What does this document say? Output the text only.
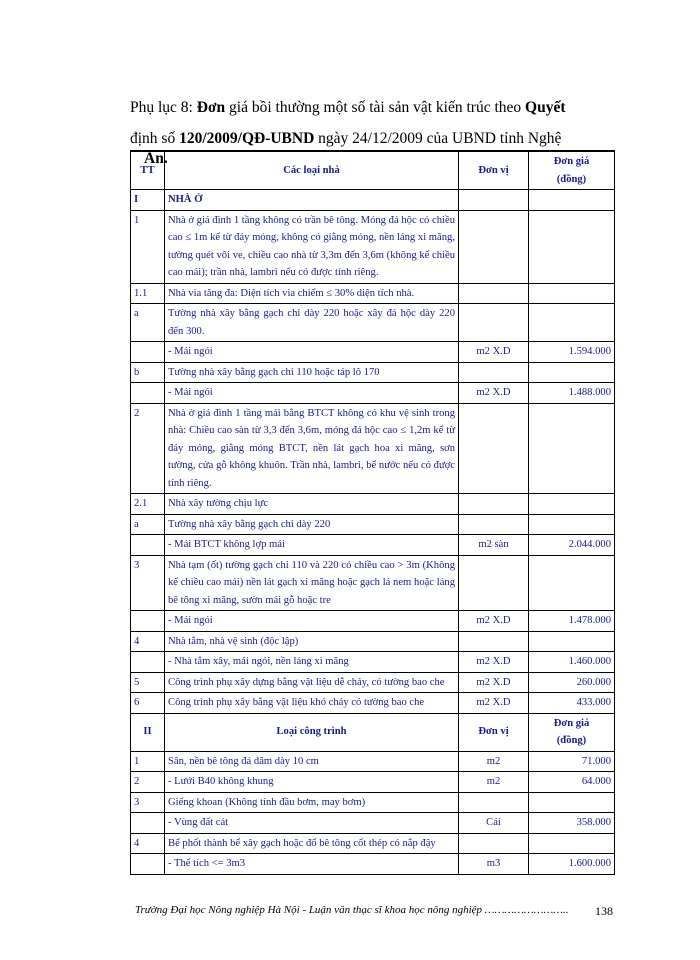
Phụ lục 8: Đơn giá bồi thường một số tài sản vật kiến trúc theo Quyết
định số 120/2009/QĐ-UBND ngày 24/12/2009 của UBND tỉnh Nghệ
TT	Các loại nhà	Đơn vị	Đơn giá
(đồng)
I	NHÀ Ở		
1	Nhà ở giá đình 1 tầng không có trần bê tông. Móng đá hộc có chiều cao ≤ 1m kể từ đáy móng, không có giằng móng, nền láng xi măng, tường quét vôi ve, chiều cao nhà từ 3,3m đến 3,6m (không kể chiều cao mái); trần nhà, lambri nếu có được tính riêng.		
1.1	Nhà via tăng đa: Diện tích via chiếm ≤ 30% diện tích nhà.		
a	Tường nhà xây bằng gạch chỉ dày 220 hoặc xây đá hộc dày 220 đến 300.		
	- Mái ngói	m2 X.D	1.594.000
b	Tường nhà xây bằng gạch chỉ 110 hoặc táp lô 170		
	- Mái ngói	m2 X.D	1.488.000
2	Nhà ở giá đình 1 tầng mái bằng BTCT không có khu vệ sinh trong nhà: Chiều cao sàn từ 3,3 đến 3,6m, móng đá hộc cao ≤ 1,2m kể từ đáy móng, giằng móng BTCT, nền lát gạch hoa xi măng, sơn tường, cửa gỗ không khuôn. Trần nhà, lambri, bể nước nếu có được tính riêng.		
2.1	Nhà xây tường chịu lực		
a	Tường nhà xây bằng gạch chỉ dày 220		
	- Mái BTCT không lợp mái	m2 sàn	2.044.000
3	Nhà tạm (ốt) tường gạch chỉ 110 và 220 có chiều cao > 3m (Không kể chiều cao mái) nền lát gạch xi măng hoặc gạch lá nem hoặc láng bê tông xi măng, sườn mái gỗ hoặc tre		
	- Mái ngói	m2 X.D	1.478.000
4	Nhà tắm, nhà vệ sinh (độc lập)		
	- Nhà tắm xây, mái ngói, nền láng xi măng	m2 X.D	1.460.000
5	Công trình phụ xây dựng bằng vật liệu dễ cháy, có tường bao che	m2 X.D	260.000
6	Công trình phụ xây bằng vật liệu khó cháy có tường bao che	m2 X.D	433.000
II	Loại công trình	Đơn vị	Đơn giá
(đồng)
1	Sân, nền bê tông đá dăm dày 10 cm	m2	71.000
2	- Lưới B40 không khung	m2	64.000
3	Giếng khoan (Không tính đầu bơm, may bơm)		
	- Vùng đất cát	Cái	358.000
4	Bể phốt thành bể xây gạch hoặc đổ bê tông cốt thép có nắp đậy		
	- Thể tích <= 3m3	m3	1.600.000
An.
Trường Đại học Nông nghiệp Hà Nội - Luận văn thạc sĩ khoa học nông nghiệp …………………….. 138
